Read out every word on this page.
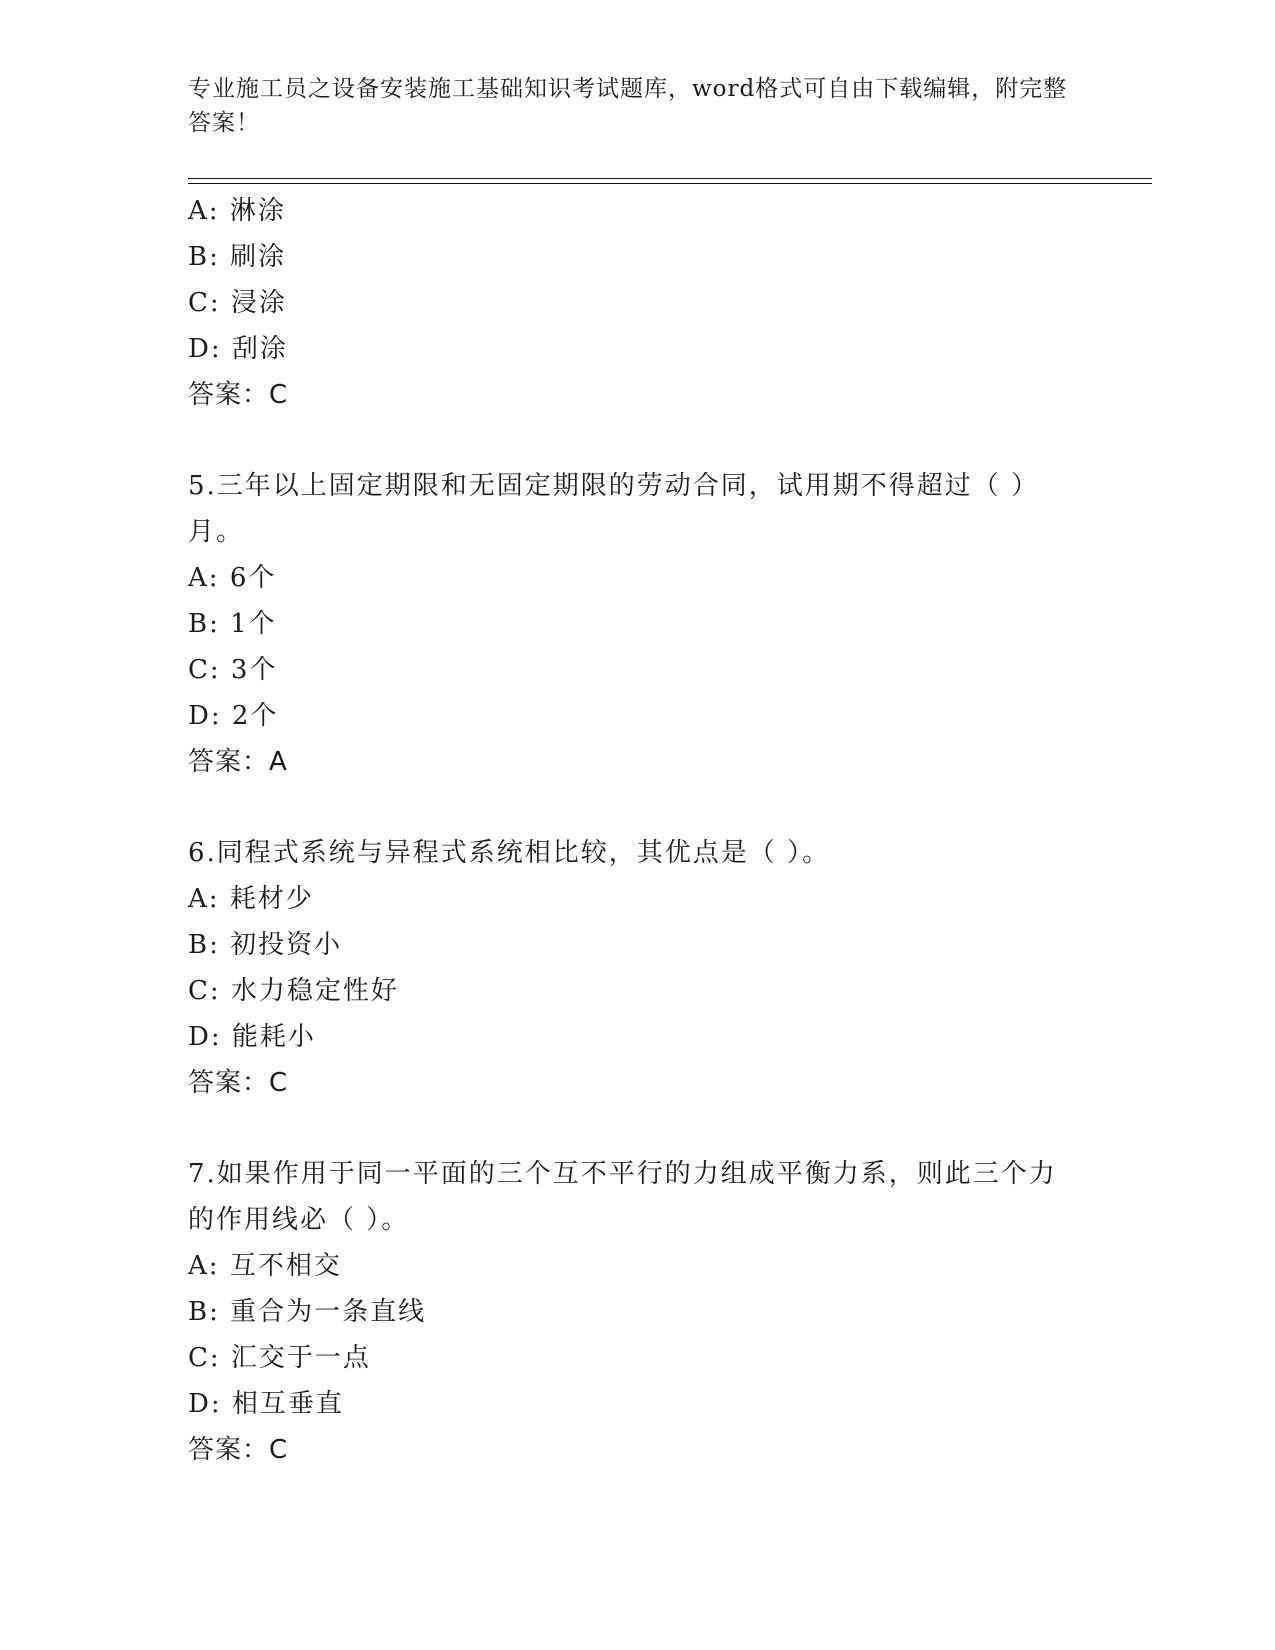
专业施工员之设备安装施工基础知识考试题库，word格式可自由下载编辑，附完整答案！
A: 淋涂
B: 刷涂
C: 浸涂
D: 刮涂
答案：C
5.三年以上固定期限和无固定期限的劳动合同，试用期不得超过（ ）月。
A: 6个
B: 1个
C: 3个
D: 2个
答案：A
6.同程式系统与异程式系统相比较，其优点是（ ）。
A: 耗材少
B: 初投资小
C: 水力稳定性好
D: 能耗小
答案：C
7.如果作用于同一平面的三个互不平行的力组成平衡力系，则此三个力的作用线必（ ）。
A: 互不相交
B: 重合为一条直线
C: 汇交于一点
D: 相互垂直
答案：C
